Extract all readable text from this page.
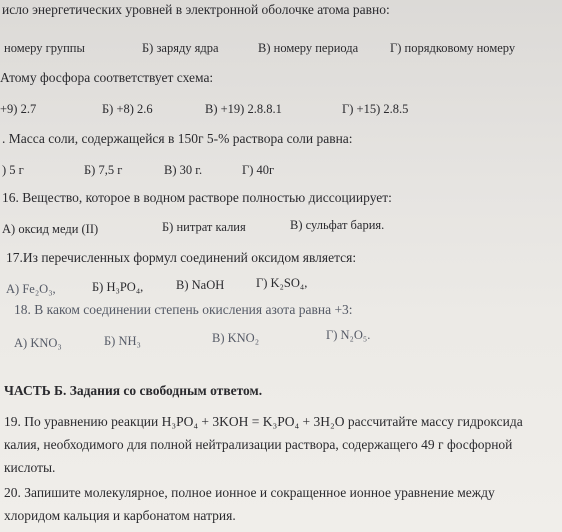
исло энергетических уровней в электронной оболочке атома равно:
номеру группы	Б) заряду ядра	В) номеру периода	Г) порядковому номеру
Атому фосфора соответствует схема:
+9) 2.7	Б) +8) 2.6	В) +19) 2.8.8.1	Г) +15) 2.8.5
. Масса соли, содержащейся в 150г 5-% раствора соли равна:
) 5 г	Б) 7,5 г	В) 30 г.	Г) 40г
16. Вещество, которое в водном растворе полностью диссоциирует:
А) оксид меди (II)	Б) нитрат калия	В) сульфат бария.
17.Из перечисленных формул соединений оксидом является:
А) Fe₂O₃,	Б) H₃PO₄,	В) NaOH	Г) K₂SO₄,
18. В каком соединении степень окисления азота равна +3:
А) KNO₃	Б) NH₃	В) KNO₂	Г) N₂O₅.
ЧАСТЬ Б. Задания со свободным ответом.
19. По уравнению реакции H₃PO₄ + 3KOH = K₃PO₄ + 3H₂O рассчитайте массу гидроксида
калия, необходимого для полной нейтрализации раствора, содержащего 49 г фосфорной
кислоты.
20. Запишите молекулярное, полное ионное и сокращенное ионное уравнение между
хлоридом кальция и карбонатом натрия.
